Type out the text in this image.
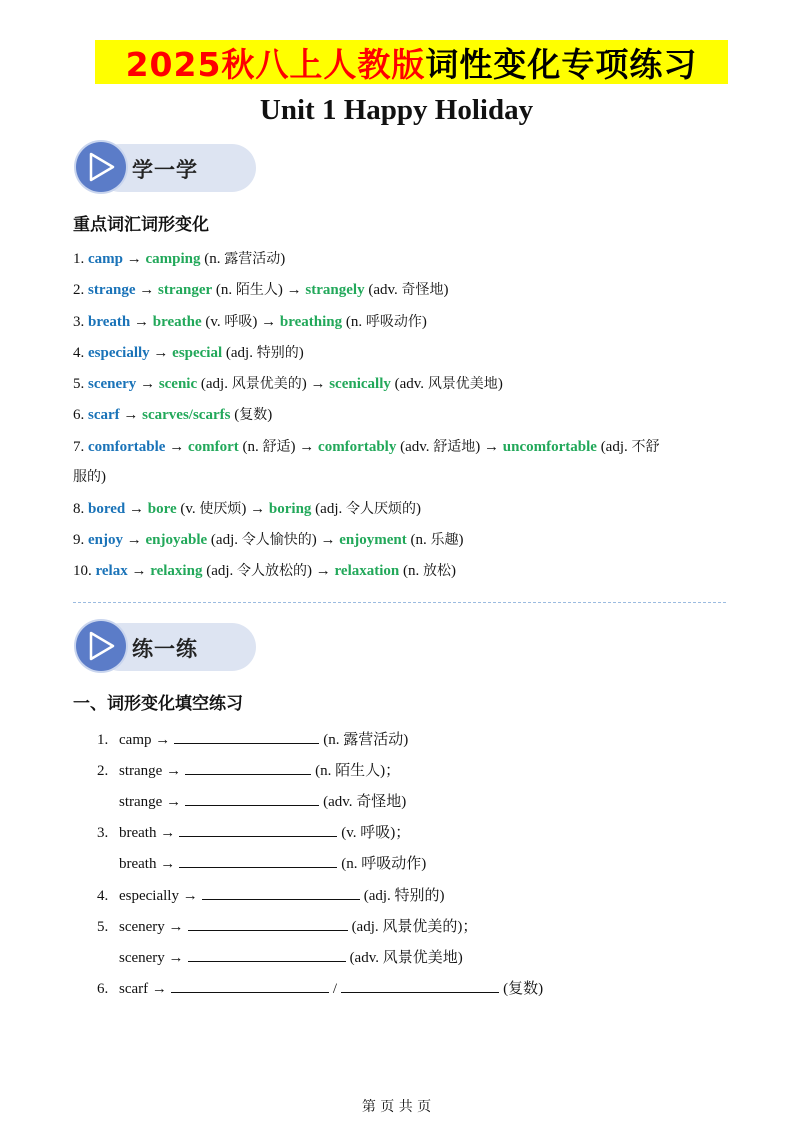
2025秋八上人教版 词性变化专项练习
Unit 1 Happy Holiday
学一学
重点词汇词形变化
1. camp → camping (n. 露营活动)
2. strange → stranger (n. 陌生人) → strangely (adv. 奇怪地)
3. breath → breathe (v. 呼吸) → breathing (n. 呼吸动作)
4. especially → especial (adj. 特别的)
5. scenery → scenic (adj. 风景优美的) → scenically (adv. 风景优美地)
6. scarf → scarves/scarfs (复数)
7. comfortable → comfort (n. 舒适) → comfortably (adv. 舒适地) → uncomfortable (adj. 不舒
服的)
8. bored → bore (v. 使厌烦) → boring (adj. 令人厌烦的)
9. enjoy → enjoyable (adj. 令人愉快的) → enjoyment (n. 乐趣)
10. relax → relaxing (adj. 令人放松的) → relaxation (n. 放松)
练一练
一、词形变化填空练习
1. camp →	(n. 露营活动)
2. strange →	(n. 陌生人)；
strange →	(adv. 奇怪地)
3. breath →	(v. 呼吸)；
breath →	(n. 呼吸动作)
4. especially →	(adj. 特别的)
5. scenery →	(adj. 风景优美的)；
scenery →	(adv. 风景优美地)
6. scarf →	/	(复数)
第 页 共 页
